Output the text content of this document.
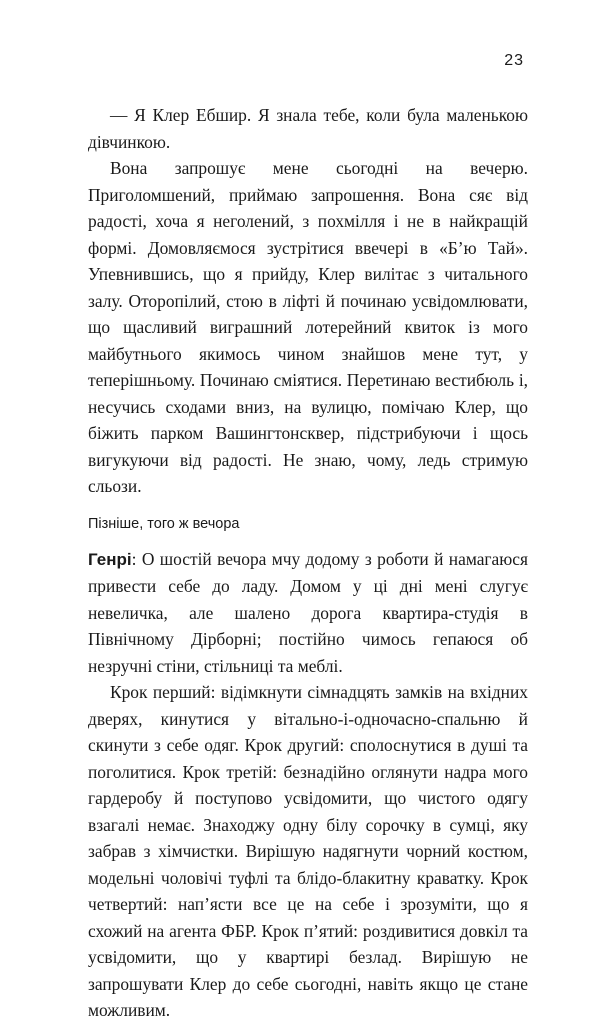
23

— Я Клер Ебшир. Я знала тебе, коли була маленькою дівчинкою.

Вона запрошує мене сьогодні на вечерю. Приголомшений, приймаю запрошення. Вона сяє від радості, хоча я неголений, з похмілля і не в найкращій формі. Домовляємося зустрітися ввечері в «Б’ю Тай». Упевнившись, що я прийду, Клер вилітає з читального залу. Оторопілий, стою в ліфті й починаю усвідомлювати, що щасливий виграшний лотерейний квиток із мого майбутнього якимось чином знайшов мене тут, у теперішньому. Починаю сміятися. Перетинаю вестибюль і, несучись сходами вниз, на вулицю, помічаю Клер, що біжить парком Вашингтонсквер, підстрибуючи і щось вигукуючи від радості. Не знаю, чому, ледь стримую сльози.

Пізніше, того ж вечора

Генрі: О шостій вечора мчу додому з роботи й намагаюся привести себе до ладу. Домом у ці дні мені слугує невеличка, але шалено дорога квартира-студія в Північному Дірборні; постійно чимось гепаюся об незручні стіни, стільниці та меблі.

Крок перший: відімкнути сімнадцять замків на вхідних дверях, кинутися у вітально-і-одночасно-спальню й скинути з себе одяг. Крок другий: сполоснутися в душі та поголитися. Крок третій: безнадійно оглянути надра мого гардеробу й поступово усвідомити, що чистого одягу взагалі немає. Знаходжу одну білу сорочку в сумці, яку забрав з хімчистки. Вирішую надягнути чорний костюм, модельні чоловічі туфлі та блідо-блакитну краватку. Крок четвертий: нап’ясти все це на себе і зрозуміти, що я схожий на агента ФБР. Крок п’ятий: роздивитися довкіл та усвідомити, що у квартирі безлад. Вирішую не запрошувати Клер до себе сьогодні, навіть якщо це стане можливим.
